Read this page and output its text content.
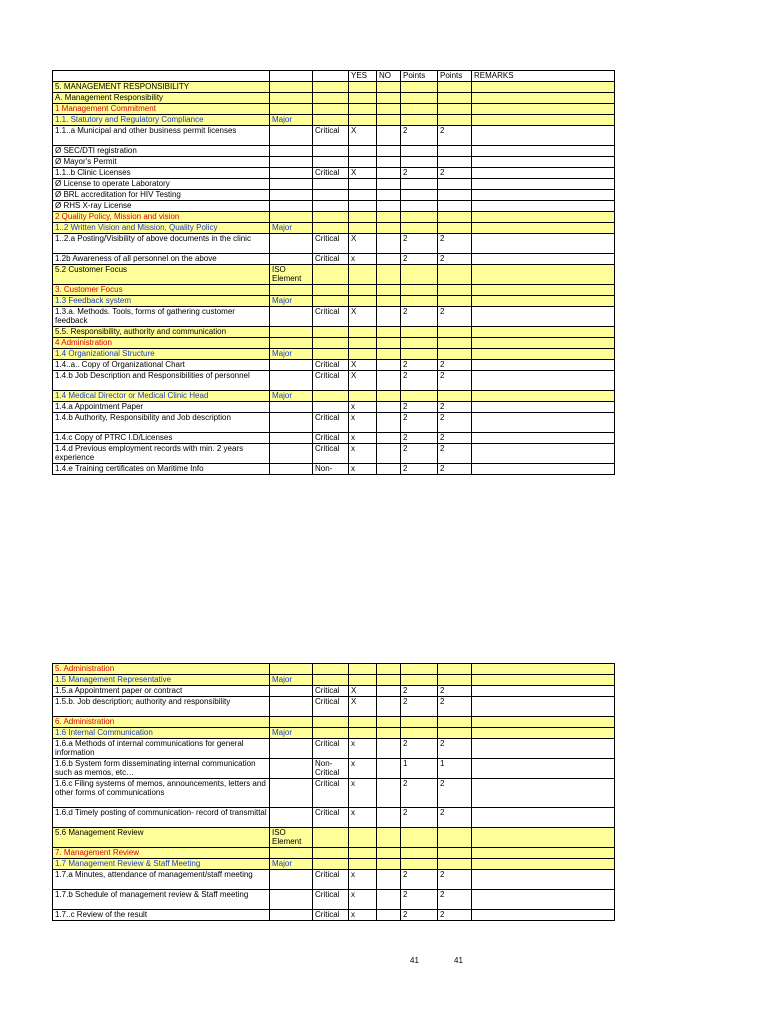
			YES	NO	Points	Points	REMARKS
5. MANAGEMENT RESPONSIBILITY							
A. Management Responsibility							
1 Management Commitment							
1.1. Statutory and Regulatory Compliance	Major						
1.1..a Municipal and other business permit licenses		Critical	X		2	2	
Ø SEC/DTI registration							
Ø Mayor's Permit							
1.1..b Clinic Licenses		Critical	X		2	2	
Ø License to operate Laboratory							
Ø BRL accreditation for HIV Testing							
Ø RHS X-ray License							
2 Quality Policy, Mission and vision							
1..2 Written Vision and Mission, Quality Policy	Major						
1..2.a Posting/Visibility of above documents in the clinic		Critical	X		2	2	
1.2b Awareness of all personnel on the above		Critical	x		2	2	
5.2 Customer Focus	ISO Element						
3. Customer Focus							
1.3 Feedback system	Major						
1.3.a. Methods. Tools, forms of gathering customer feedback		Critical	X		2	2	
5.5. Responsibility, authority and communication							
4 Administration							
1.4 Organizational Structure	Major						
1.4..a.. Copy of Organizational Chart		Critical	X		2	2	
1.4.b Job Description and Responsibilities of personnel		Critical	X		2	2	
1.4 Medical Director or Medical Clinic Head	Major						
1.4.a Appointment Paper			x		2	2	
1.4.b Authority, Responsibility and Job description		Critical	x		2	2	
1.4.c Copy of PTRC I.D/Licenses		Critical	x		2	2	
1.4.d Previous employment records with min. 2 years experience		Critical	x		2	2	
1.4.e Training certificates on Maritime Info		Non-	x		2	2	
5. Administration							
1.5 Management Representative	Major						
1.5.a Appointment paper or contract		Critical	X		2	2	
1.5.b. Job description; authority and responsibility		Critical	X		2	2	
6. Administration							
1.6 Internal Communication	Major						
1.6.a Methods of internal communications for general information		Critical	x		2	2	
1.6.b System form disseminating internal communication such as memos, etc…		Non- Critical	x		1	1	
1.6.c Filing systems of memos, announcements, letters and other forms of communications		Critical	x		2	2	
1.6.d Timely posting of communication- record of transmittal		Critical	x		2	2	
5.6 Management Review	ISO Element						
7. Management Review							
1.7 Management Review & Staff Meeting	Major						
1.7.a Minutes, attendance of management/staff meeting		Critical	x		2	2	
1.7.b Schedule of management review & Staff meeting		Critical	x		2	2	
1.7..c Review of the result		Critical	x		2	2	
41	41
